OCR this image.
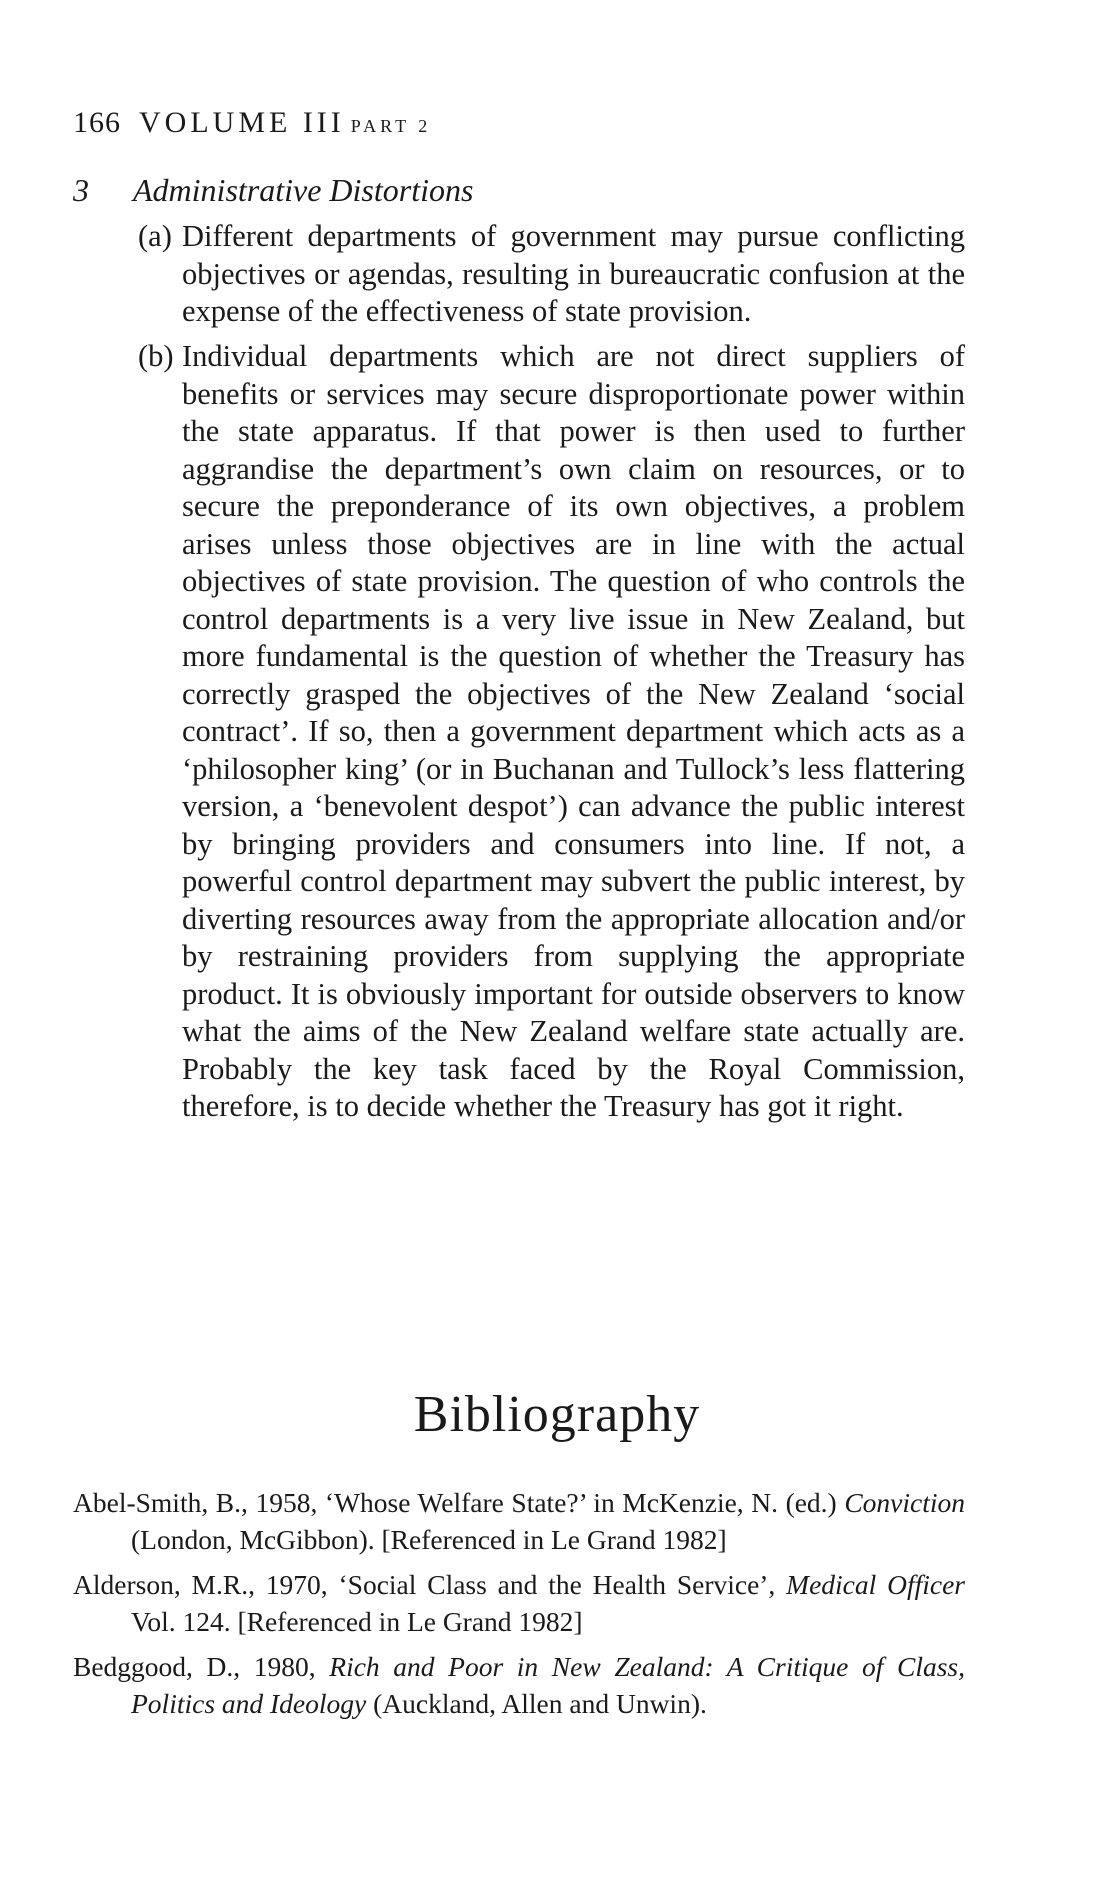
166 VOLUME III PART 2
3 Administrative Distortions
(a) Different departments of government may pursue conflicting objectives or agendas, resulting in bureaucratic confusion at the expense of the effectiveness of state provision.
(b) Individual departments which are not direct suppliers of benefits or services may secure disproportionate power within the state apparatus. If that power is then used to further aggrandise the department’s own claim on resources, or to secure the preponderance of its own objectives, a problem arises unless those objectives are in line with the actual objectives of state provision. The question of who controls the control departments is a very live issue in New Zealand, but more fundamental is the question of whether the Treasury has correctly grasped the objectives of the New Zealand ‘social contract’. If so, then a government department which acts as a ‘philosopher king’ (or in Buchanan and Tullock’s less flattering version, a ‘benevolent despot’) can advance the public interest by bringing providers and consumers into line. If not, a powerful control department may subvert the public interest, by diverting resources away from the appropriate allocation and/or by restraining providers from supplying the appropriate product. It is obviously important for outside observers to know what the aims of the New Zealand welfare state actually are. Probably the key task faced by the Royal Commission, therefore, is to decide whether the Treasury has got it right.
Bibliography
Abel-Smith, B., 1958, ‘Whose Welfare State?’ in McKenzie, N. (ed.) Conviction (London, McGibbon). [Referenced in Le Grand 1982]
Alderson, M.R., 1970, ‘Social Class and the Health Service’, Medical Officer Vol. 124. [Referenced in Le Grand 1982]
Bedggood, D., 1980, Rich and Poor in New Zealand: A Critique of Class, Politics and Ideology (Auckland, Allen and Unwin).
